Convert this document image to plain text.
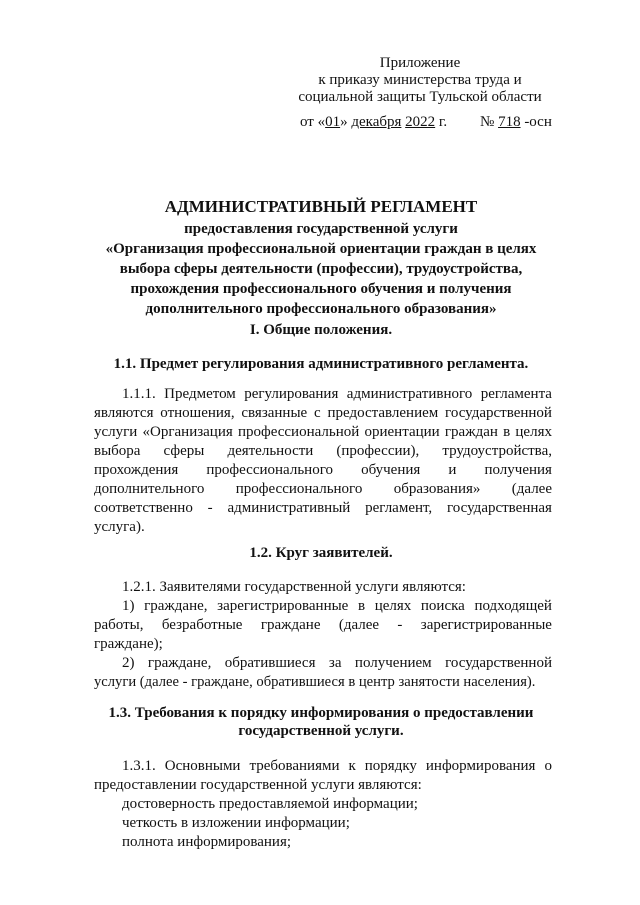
Приложение
к приказу министерства труда и
социальной защиты Тульской области
от «01» декабря 2022 г. № 718 -осн
АДМИНИСТРАТИВНЫЙ РЕГЛАМЕНТ
предоставления государственной услуги
«Организация профессиональной ориентации граждан в целях
выбора сферы деятельности (профессии), трудоустройства,
прохождения профессионального обучения и получения
дополнительного профессионального образования»
I. Общие положения.
1.1. Предмет регулирования административного регламента.
1.1.1. Предметом регулирования административного регламента
являются отношения, связанные с предоставлением государственной
услуги «Организация профессиональной ориентации граждан в целях
выбора сферы деятельности (профессии), трудоустройства,
прохождения профессионального обучения и получения
дополнительного профессионального образования» (далее
соответственно - административный регламент, государственная
услуга).
1.2. Круг заявителей.
1.2.1. Заявителями государственной услуги являются:
1) граждане, зарегистрированные в целях поиска подходящей
работы, безработные граждане (далее - зарегистрированные
граждане);
2) граждане, обратившиеся за получением государственной
услуги (далее - граждане, обратившиеся в центр занятости населения).
1.3. Требования к порядку информирования о предоставлении
государственной услуги.
1.3.1. Основными требованиями к порядку информирования о
предоставлении государственной услуги являются:
достоверность предоставляемой информации;
четкость в изложении информации;
полнота информирования;
